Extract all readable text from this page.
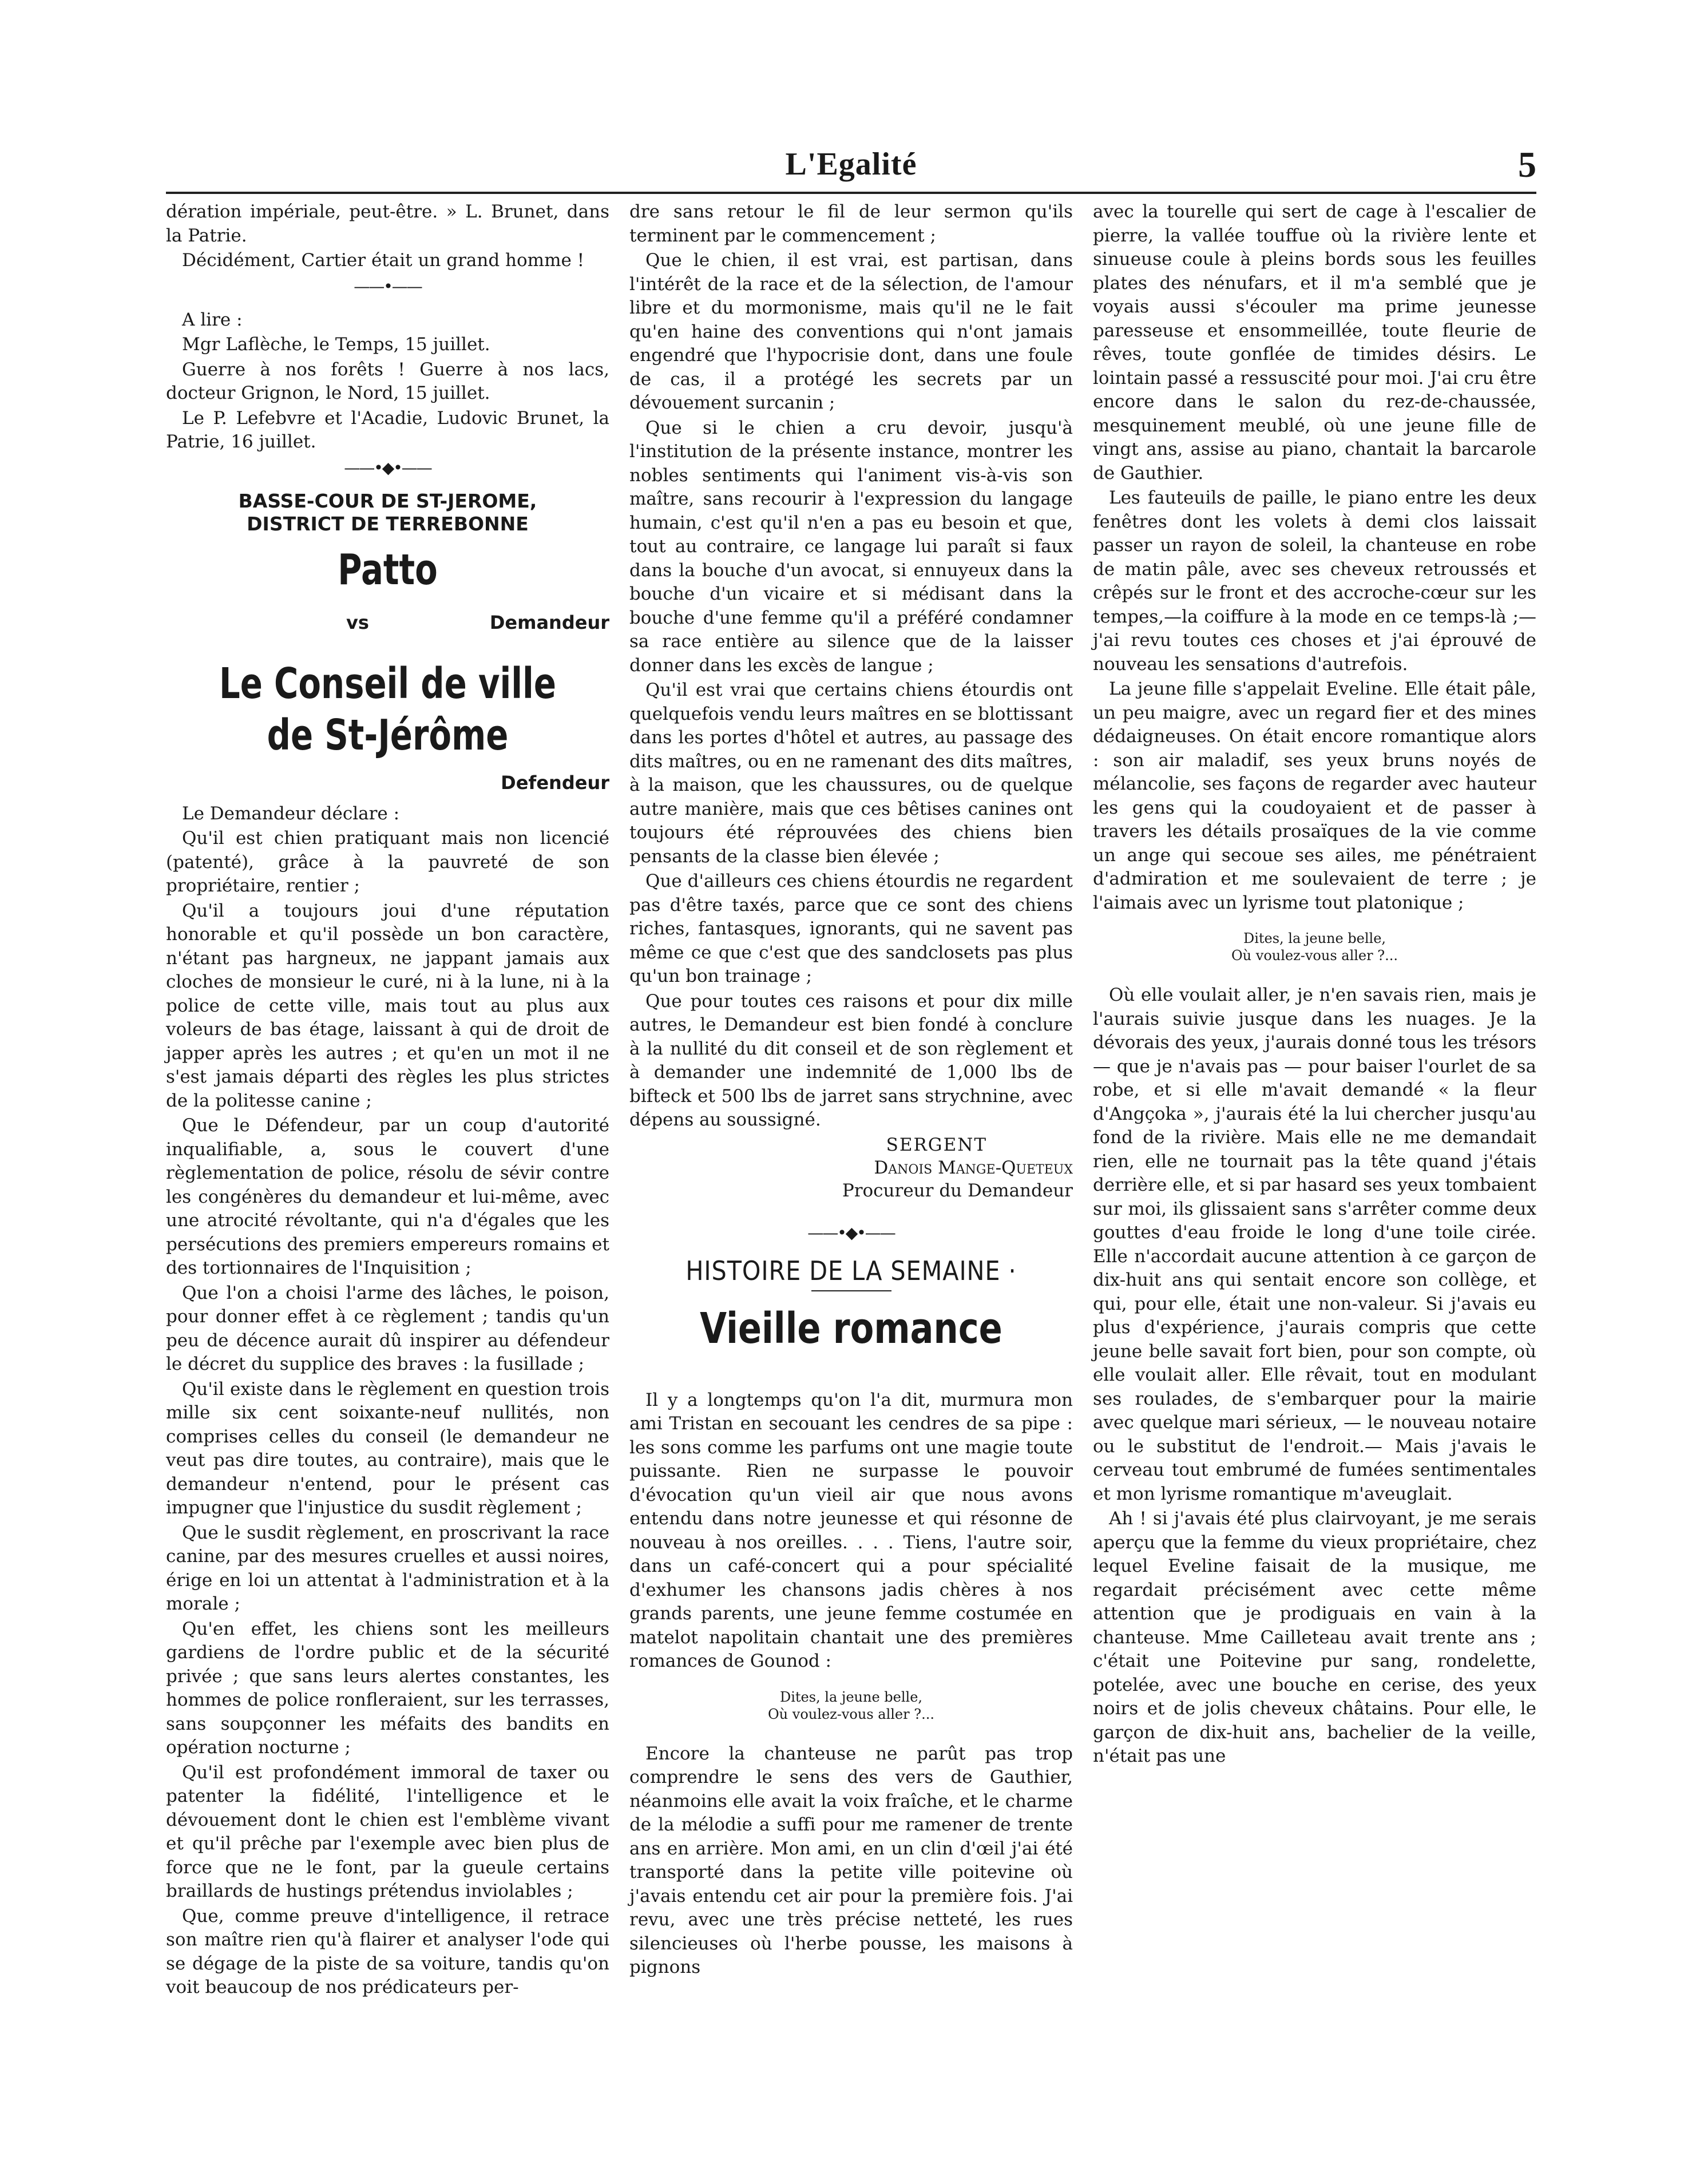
L'Egalité	5

dération impériale, peut-être. » L. Brunet, dans la Patrie.

Décidément, Cartier était un grand homme !

——•——

A lire :

Mgr Laflèche, le Temps, 15 juillet.

Guerre à nos forêts ! Guerre à nos lacs, docteur Grignon, le Nord, 15 juillet.

Le P. Lefebvre et l'Acadie, Ludovic Brunet, la Patrie, 16 juillet.

——•◆•——
BASSE-COUR DE ST-JEROME,
DISTRICT DE TERREBONNE
Patto
vs	Demandeur
Le Conseil de ville de St-Jérôme
Defendeur

Le Demandeur déclare :

Qu'il est chien pratiquant mais non licencié (patenté), grâce à la pauvreté de son propriétaire, rentier ;

Qu'il a toujours joui d'une réputation honorable et qu'il possède un bon caractère, n'étant pas hargneux, ne jappant jamais aux cloches de monsieur le curé, ni à la lune, ni à la police de cette ville, mais tout au plus aux voleurs de bas étage, laissant à qui de droit de japper après les autres ; et qu'en un mot il ne s'est jamais départi des règles les plus strictes de la politesse canine ;

Que le Défendeur, par un coup d'autorité inqualifiable, a, sous le couvert d'une règlementation de police, résolu de sévir contre les congénères du demandeur et lui-même, avec une atrocité révoltante, qui n'a d'égales que les persécutions des premiers empereurs romains et des tortionnaires de l'Inquisition ;

Que l'on a choisi l'arme des lâches, le poison, pour donner effet à ce règlement ; tandis qu'un peu de décence aurait dû inspirer au défendeur le décret du supplice des braves : la fusillade ;

Qu'il existe dans le règlement en question trois mille six cent soixante-neuf nullités, non comprises celles du conseil (le demandeur ne veut pas dire toutes, au contraire), mais que le demandeur n'entend, pour le présent cas impugner que l'injustice du susdit règlement ;

Que le susdit règlement, en proscrivant la race canine, par des mesures cruelles et aussi noires, érige en loi un attentat à l'administration et à la morale ;

Qu'en effet, les chiens sont les meilleurs gardiens de l'ordre public et de la sécurité privée ; que sans leurs alertes constantes, les hommes de police ronfleraient, sur les terrasses, sans soupçonner les méfaits des bandits en opération nocturne ;

Qu'il est profondément immoral de taxer ou patenter la fidélité, l'intelligence et le dévouement dont le chien est l'emblème vivant et qu'il prêche par l'exemple avec bien plus de force que ne le font, par la gueule certains braillards de hustings prétendus inviolables ;

Que, comme preuve d'intelligence, il retrace son maître rien qu'à flairer et analyser l'ode qui se dégage de la piste de sa voiture, tandis qu'on voit beaucoup de nos prédicateurs per-

dre sans retour le fil de leur sermon qu'ils terminent par le commencement ;

Que le chien, il est vrai, est partisan, dans l'intérêt de la race et de la sélection, de l'amour libre et du mormonisme, mais qu'il ne le fait qu'en haine des conventions qui n'ont jamais engendré que l'hypocrisie dont, dans une foule de cas, il a protégé les secrets par un dévouement surcanin ;

Que si le chien a cru devoir, jusqu'à l'institution de la présente instance, montrer les nobles sentiments qui l'animent vis-à-vis son maître, sans recourir à l'expression du langage humain, c'est qu'il n'en a pas eu besoin et que, tout au contraire, ce langage lui paraît si faux dans la bouche d'un avocat, si ennuyeux dans la bouche d'un vicaire et si médisant dans la bouche d'une femme qu'il a préféré condamner sa race entière au silence que de la laisser donner dans les excès de langue ;

Qu'il est vrai que certains chiens étourdis ont quelquefois vendu leurs maîtres en se blottissant dans les portes d'hôtel et autres, au passage des dits maîtres, ou en ne ramenant des dits maîtres, à la maison, que les chaussures, ou de quelque autre manière, mais que ces bêtises canines ont toujours été réprouvées des chiens bien pensants de la classe bien élevée ;

Que d'ailleurs ces chiens étourdis ne regardent pas d'être taxés, parce que ce sont des chiens riches, fantasques, ignorants, qui ne savent pas même ce que c'est que des sandclosets pas plus qu'un bon trainage ;

Que pour toutes ces raisons et pour dix mille autres, le Demandeur est bien fondé à conclure à la nullité du dit conseil et de son règlement et à demander une indemnité de 1,000 lbs de bifteck et 500 lbs de jarret sans strychnine, avec dépens au soussigné.

SERGENT
Danois Mange-Queteux
Procureur du Demandeur
——•◆•——
HISTOIRE DE LA SEMAINE ·
Vieille romance

Il y a longtemps qu'on l'a dit, murmura mon ami Tristan en secouant les cendres de sa pipe : les sons comme les parfums ont une magie toute puissante. Rien ne surpasse le pouvoir d'évocation qu'un vieil air que nous avons entendu dans notre jeunesse et qui résonne de nouveau à nos oreilles. . . . Tiens, l'autre soir, dans un café-concert qui a pour spécialité d'exhumer les chansons jadis chères à nos grands parents, une jeune femme costumée en matelot napolitain chantait une des premières romances de Gounod :

Dites, la jeune belle,
Où voulez-vous aller ?...

Encore la chanteuse ne parût pas trop comprendre le sens des vers de Gauthier, néanmoins elle avait la voix fraîche, et le charme de la mélodie a suffi pour me ramener de trente ans en arrière. Mon ami, en un clin d'œil j'ai été transporté dans la petite ville poitevine où j'avais entendu cet air pour la première fois. J'ai revu, avec une très précise netteté, les rues silencieuses où l'herbe pousse, les maisons à pignons

avec la tourelle qui sert de cage à l'escalier de pierre, la vallée touffue où la rivière lente et sinueuse coule à pleins bords sous les feuilles plates des nénufars, et il m'a semblé que je voyais aussi s'écouler ma prime jeunesse paresseuse et ensommeillée, toute fleurie de rêves, toute gonflée de timides désirs. Le lointain passé a ressuscité pour moi. J'ai cru être encore dans le salon du rez-de-chaussée, mesquinement meublé, où une jeune fille de vingt ans, assise au piano, chantait la barcarole de Gauthier.

Les fauteuils de paille, le piano entre les deux fenêtres dont les volets à demi clos laissait passer un rayon de soleil, la chanteuse en robe de matin pâle, avec ses cheveux retroussés et crêpés sur le front et des accroche-cœur sur les tempes,—la coiffure à la mode en ce temps-là ;—j'ai revu toutes ces choses et j'ai éprouvé de nouveau les sensations d'autrefois.

La jeune fille s'appelait Eveline. Elle était pâle, un peu maigre, avec un regard fier et des mines dédaigneuses. On était encore romantique alors : son air maladif, ses yeux bruns noyés de mélancolie, ses façons de regarder avec hauteur les gens qui la coudoyaient et de passer à travers les détails prosaïques de la vie comme un ange qui secoue ses ailes, me pénétraient d'admiration et me soulevaient de terre ; je l'aimais avec un lyrisme tout platonique ;

Dites, la jeune belle,
Où voulez-vous aller ?...

Où elle voulait aller, je n'en savais rien, mais je l'aurais suivie jusque dans les nuages. Je la dévorais des yeux, j'aurais donné tous les trésors — que je n'avais pas — pour baiser l'ourlet de sa robe, et si elle m'avait demandé « la fleur d'Angçoka », j'aurais été la lui chercher jusqu'au fond de la rivière. Mais elle ne me demandait rien, elle ne tournait pas la tête quand j'étais derrière elle, et si par hasard ses yeux tombaient sur moi, ils glissaient sans s'arrêter comme deux gouttes d'eau froide le long d'une toile cirée. Elle n'accordait aucune attention à ce garçon de dix-huit ans qui sentait encore son collège, et qui, pour elle, était une non-valeur. Si j'avais eu plus d'expérience, j'aurais compris que cette jeune belle savait fort bien, pour son compte, où elle voulait aller. Elle rêvait, tout en modulant ses roulades, de s'embarquer pour la mairie avec quelque mari sérieux, — le nouveau notaire ou le substitut de l'endroit.— Mais j'avais le cerveau tout embrumé de fumées sentimentales et mon lyrisme romantique m'aveuglait.

Ah ! si j'avais été plus clairvoyant, je me serais aperçu que la femme du vieux propriétaire, chez lequel Eveline faisait de la musique, me regardait précisément avec cette même attention que je prodiguais en vain à la chanteuse. Mme Cailleteau avait trente ans ; c'était une Poitevine pur sang, rondelette, potelée, avec une bouche en cerise, des yeux noirs et de jolis cheveux châtains. Pour elle, le garçon de dix-huit ans, bachelier de la veille, n'était pas une
